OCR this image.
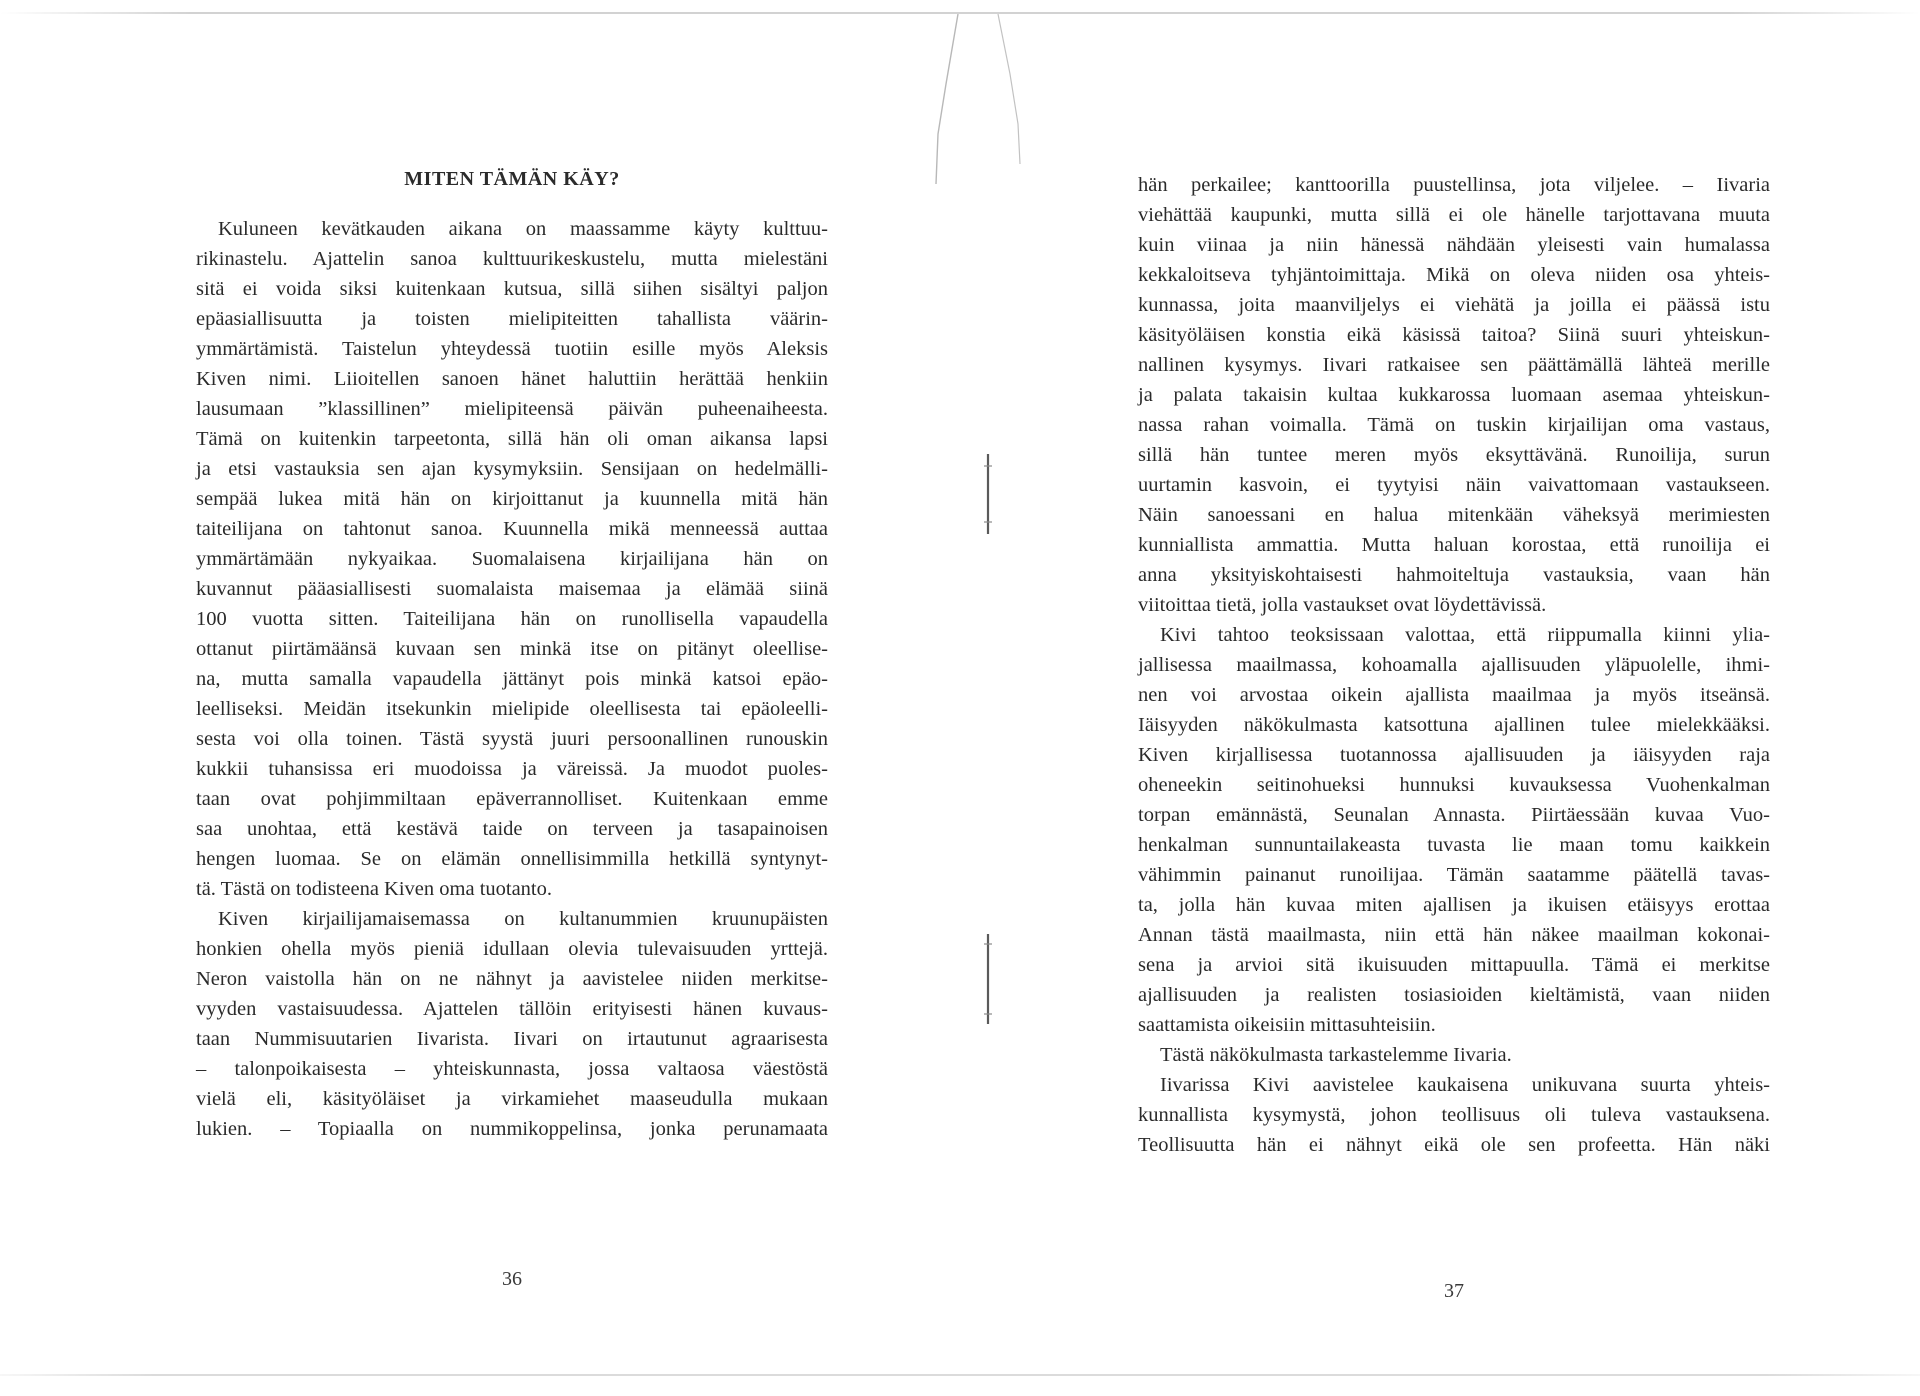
MITEN TÄMÄN KÄY?
Kuluneen kevätkauden aikana on maassamme käyty kulttuu-
rikinastelu. Ajattelin sanoa kulttuurikeskustelu, mutta mielestäni
sitä ei voida siksi kuitenkaan kutsua, sillä siihen sisältyi paljon
epäasiallisuutta ja toisten mielipiteitten tahallista väärin-
ymmärtämistä. Taistelun yhteydessä tuotiin esille myös Aleksis
Kiven nimi. Liioitellen sanoen hänet haluttiin herättää henkiin
lausumaan ”klassillinen” mielipiteensä päivän puheenaiheesta.
Tämä on kuitenkin tarpeetonta, sillä hän oli oman aikansa lapsi
ja etsi vastauksia sen ajan kysymyksiin. Sensijaan on hedelmälli-
sempää lukea mitä hän on kirjoittanut ja kuunnella mitä hän
taiteilijana on tahtonut sanoa. Kuunnella mikä menneessä auttaa
ymmärtämään nykyaikaa. Suomalaisena kirjailijana hän on
kuvannut pääasiallisesti suomalaista maisemaa ja elämää siinä
100 vuotta sitten. Taiteilijana hän on runollisella vapaudella
ottanut piirtämäänsä kuvaan sen minkä itse on pitänyt oleellise-
na, mutta samalla vapaudella jättänyt pois minkä katsoi epäo-
leelliseksi. Meidän itsekunkin mielipide oleellisesta tai epäoleelli-
sesta voi olla toinen. Tästä syystä juuri persoonallinen runouskin
kukkii tuhansissa eri muodoissa ja väreissä. Ja muodot puoles-
taan ovat pohjimmiltaan epäverrannolliset. Kuitenkaan emme
saa unohtaa, että kestävä taide on terveen ja tasapainoisen
hengen luomaa. Se on elämän onnellisimmilla hetkillä syntynyt-
tä. Tästä on todisteena Kiven oma tuotanto.
Kiven kirjailijamaisemassa on kultanummien kruunupäisten
honkien ohella myös pieniä idullaan olevia tulevaisuuden yrttejä.
Neron vaistolla hän on ne nähnyt ja aavistelee niiden merkitse-
vyyden vastaisuudessa. Ajattelen tällöin erityisesti hänen kuvaus-
taan Nummisuutarien Iivarista. Iivari on irtautunut agraarisesta
– talonpoikaisesta – yhteiskunnasta, jossa valtaosa väestöstä
vielä eli, käsityöläiset ja virkamiehet maaseudulla mukaan
lukien. – Topiaalla on nummikoppelinsa, jonka perunamaata
36
hän perkailee; kanttoorilla puustellinsa, jota viljelee. – Iivaria
viehättää kaupunki, mutta sillä ei ole hänelle tarjottavana muuta
kuin viinaa ja niin hänessä nähdään yleisesti vain humalassa
kekkaloitseva tyhjäntoimittaja. Mikä on oleva niiden osa yhteis-
kunnassa, joita maanviljelys ei viehätä ja joilla ei päässä istu
käsityöläisen konstia eikä käsissä taitoa? Siinä suuri yhteiskun-
nallinen kysymys. Iivari ratkaisee sen päättämällä lähteä merille
ja palata takaisin kultaa kukkarossa luomaan asemaa yhteiskun-
nassa rahan voimalla. Tämä on tuskin kirjailijan oma vastaus,
sillä hän tuntee meren myös eksyttävänä. Runoilija, surun
uurtamin kasvoin, ei tyytyisi näin vaivattomaan vastaukseen.
Näin sanoessani en halua mitenkään väheksyä merimiesten
kunniallista ammattia. Mutta haluan korostaa, että runoilija ei
anna yksityiskohtaisesti hahmoiteltuja vastauksia, vaan hän
viitoittaa tietä, jolla vastaukset ovat löydettävissä.
Kivi tahtoo teoksissaan valottaa, että riippumalla kiinni ylia-
jallisessa maailmassa, kohoamalla ajallisuuden yläpuolelle, ihmi-
nen voi arvostaa oikein ajallista maailmaa ja myös itseänsä.
Iäisyyden näkökulmasta katsottuna ajallinen tulee mielekkääksi.
Kiven kirjallisessa tuotannossa ajallisuuden ja iäisyyden raja
oheneekin seitinohueksi hunnuksi kuvauksessa Vuohenkalman
torpan emännästä, Seunalan Annasta. Piirtäessään kuvaa Vuo-
henkalman sunnuntailakeasta tuvasta lie maan tomu kaikkein
vähimmin painanut runoilijaa. Tämän saatamme päätellä tavas-
ta, jolla hän kuvaa miten ajallisen ja ikuisen etäisyys erottaa
Annan tästä maailmasta, niin että hän näkee maailman kokonai-
sena ja arvioi sitä ikuisuuden mittapuulla. Tämä ei merkitse
ajallisuuden ja realisten tosiasioiden kieltämistä, vaan niiden
saattamista oikeisiin mittasuhteisiin.
Tästä näkökulmasta tarkastelemme Iivaria.
Iivarissa Kivi aavistelee kaukaisena unikuvana suurta yhteis-
kunnallista kysymystä, johon teollisuus oli tuleva vastauksena.
Teollisuutta hän ei nähnyt eikä ole sen profeetta. Hän näki
37
